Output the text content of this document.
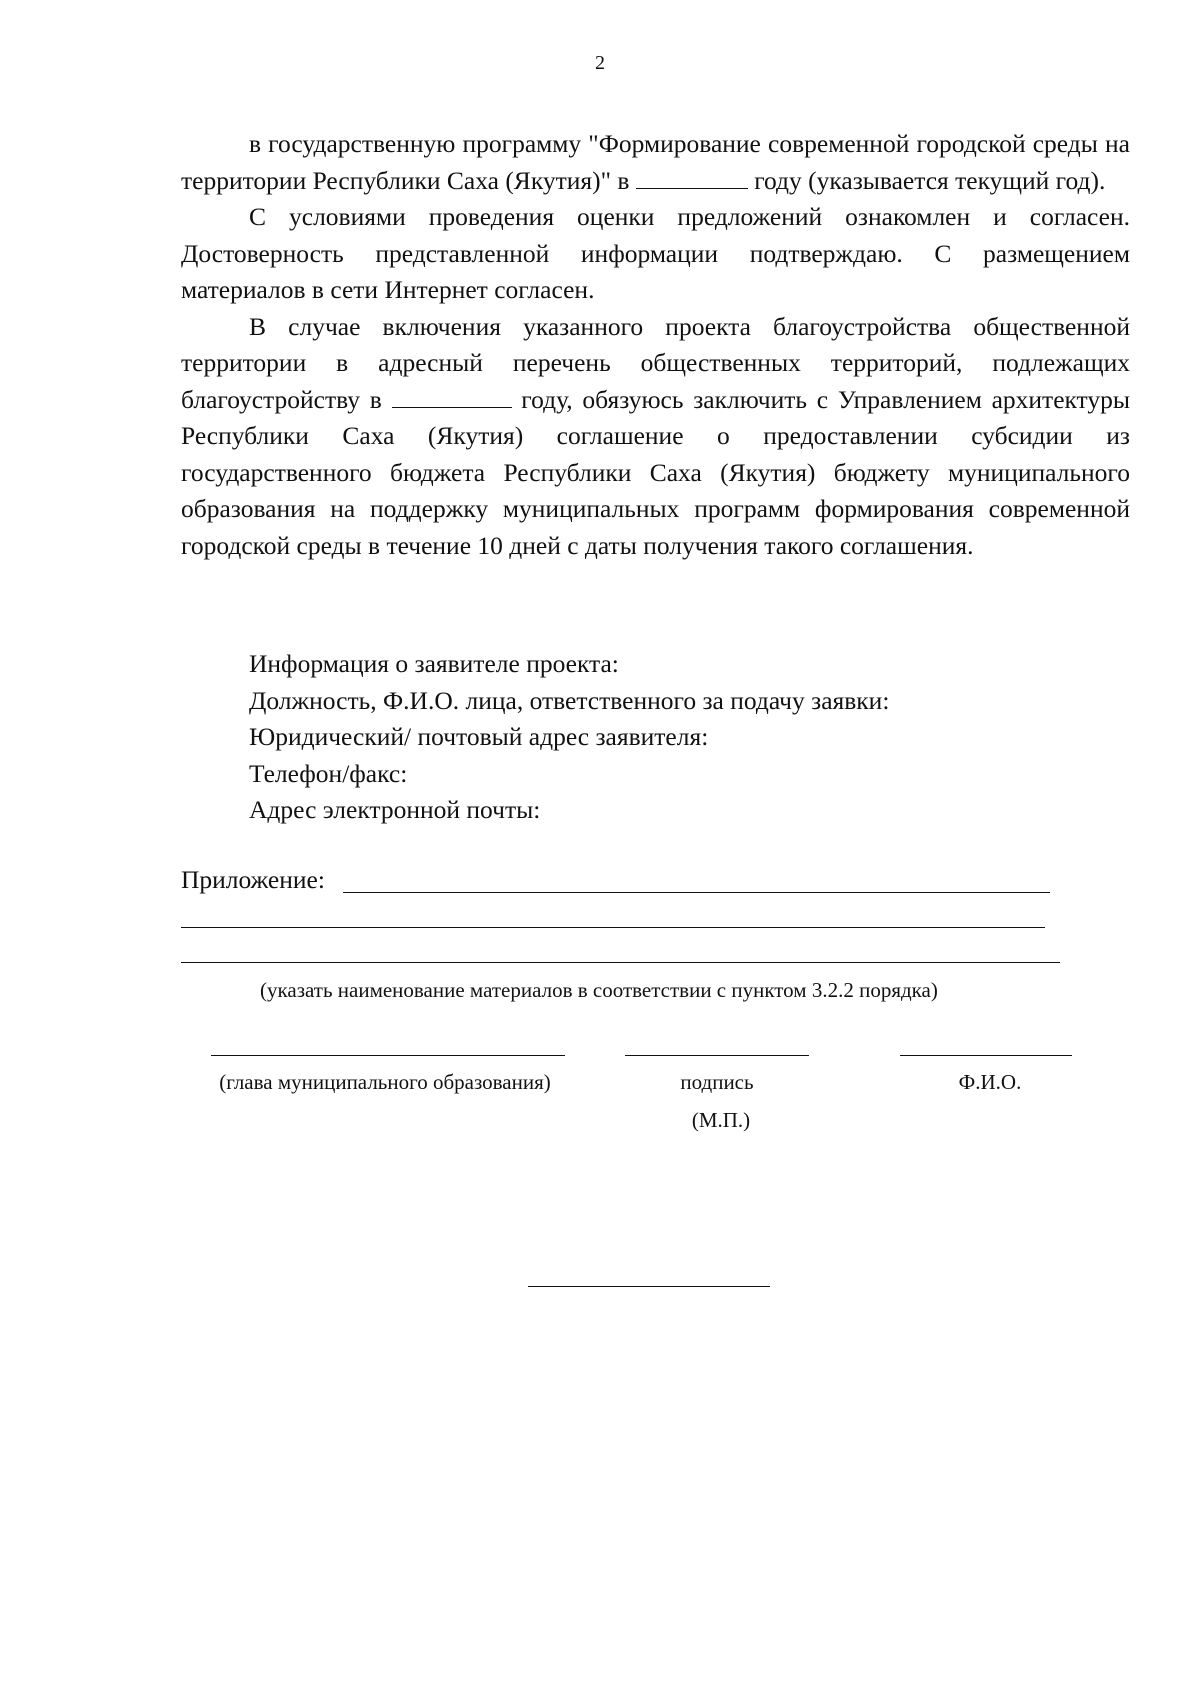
2

в государственную программу "Формирование современной городской среды на территории Республики Саха (Якутия)" в	году (указывается текущий год).

С условиями проведения оценки предложений ознакомлен и согласен. Достоверность представленной информации подтверждаю. С размещением материалов в сети Интернет согласен.

В случае включения указанного проекта благоустройства общественной территории в адресный перечень общественных территорий, подлежащих благоустройству в	году, обязуюсь заключить с Управлением архитектуры Республики Саха (Якутия) соглашение о предоставлении субсидии из государственного бюджета Республики Саха (Якутия) бюджету муниципального образования на поддержку муниципальных программ формирования современной городской среды в течение 10 дней с даты получения такого соглашения.

Информация о заявителе проекта:
Должность, Ф.И.О. лица, ответственного за подачу заявки:
Юридический/ почтовый адрес заявителя:
Телефон/факс:
Адрес электронной почты:
Приложение:
(указать наименование материалов в соответствии с пунктом 3.2.2 порядка)
(глава муниципального образования)	подпись	Ф.И.О.
(М.П.)
